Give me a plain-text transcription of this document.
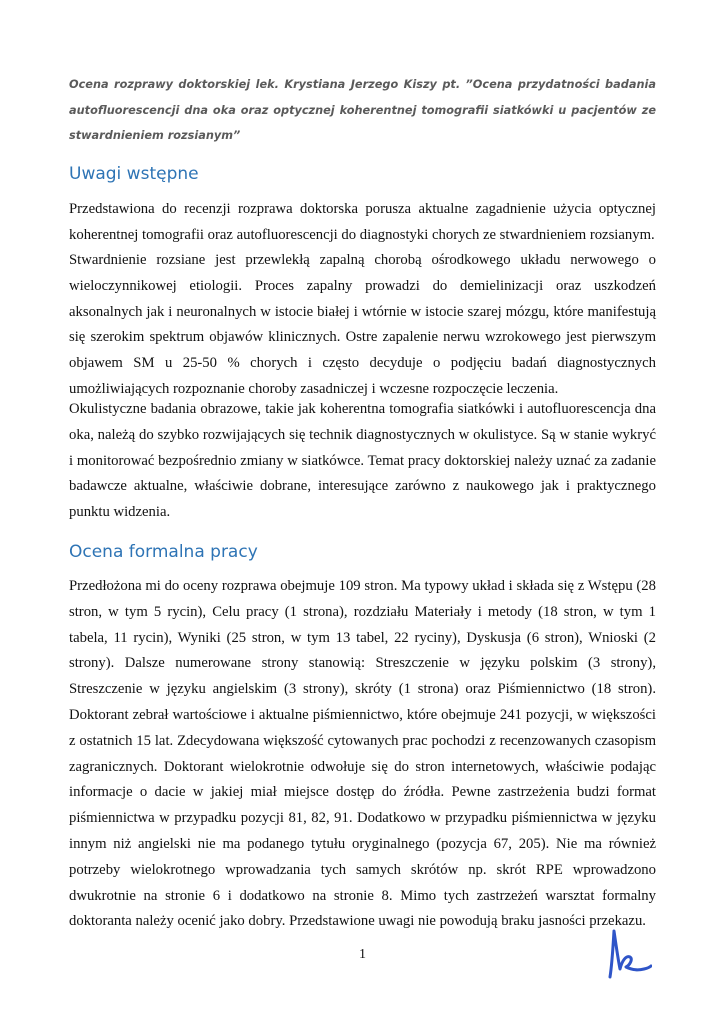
Ocena rozprawy doktorskiej lek. Krystiana Jerzego Kiszy pt. ”Ocena przydatności badania autofluorescencji dna oka oraz optycznej koherentnej tomografii siatkówki u pacjentów ze stwardnieniem rozsianym”
Uwagi wstępne

Przedstawiona do recenzji rozprawa doktorska porusza aktualne zagadnienie użycia optycznej koherentnej tomografii oraz autofluorescencji do diagnostyki chorych ze stwardnieniem rozsianym.

Stwardnienie rozsiane jest przewlekłą zapalną chorobą ośrodkowego układu nerwowego o wieloczynnikowej etiologii. Proces zapalny prowadzi do demielinizacji oraz uszkodzeń aksonalnych jak i neuronalnych w istocie białej i wtórnie w istocie szarej mózgu, które manifestują się szerokim spektrum objawów klinicznych. Ostre zapalenie nerwu wzrokowego jest pierwszym objawem SM u 25-50 % chorych i często decyduje o podjęciu badań diagnostycznych umożliwiających rozpoznanie choroby zasadniczej i wczesne rozpoczęcie leczenia.

Okulistyczne badania obrazowe, takie jak koherentna tomografia siatkówki i autofluorescencja dna oka, należą do szybko rozwijających się technik diagnostycznych w okulistyce. Są w stanie wykryć i monitorować bezpośrednio zmiany w siatkówce. Temat pracy doktorskiej należy uznać za zadanie badawcze aktualne, właściwie dobrane, interesujące zarówno z naukowego jak i praktycznego punktu widzenia.

Ocena formalna pracy

Przedłożona mi do oceny rozprawa obejmuje 109 stron. Ma typowy układ i składa się z Wstępu (28 stron, w tym 5 rycin), Celu pracy (1 strona), rozdziału Materiały i metody (18 stron, w tym 1 tabela, 11 rycin), Wyniki (25 stron, w tym 13 tabel, 22 ryciny), Dyskusja (6 stron), Wnioski (2 strony). Dalsze numerowane strony stanowią: Streszczenie w języku polskim (3 strony), Streszczenie w języku angielskim (3 strony), skróty (1 strona) oraz Piśmiennictwo (18 stron). Doktorant zebrał wartościowe i aktualne piśmiennictwo, które obejmuje 241 pozycji, w większości z ostatnich 15 lat. Zdecydowana większość cytowanych prac pochodzi z recenzowanych czasopism zagranicznych. Doktorant wielokrotnie odwołuje się do stron internetowych, właściwie podając informacje o dacie w jakiej miał miejsce dostęp do źródła. Pewne zastrzeżenia budzi format piśmiennictwa w przypadku pozycji 81, 82, 91. Dodatkowo w przypadku piśmiennictwa w języku innym niż angielski nie ma podanego tytułu oryginalnego (pozycja 67, 205). Nie ma również potrzeby wielokrotnego wprowadzania tych samych skrótów np. skrót RPE wprowadzono dwukrotnie na stronie 6 i dodatkowo na stronie 8. Mimo tych zastrzeżeń warsztat formalny doktoranta należy ocenić jako dobry. Przedstawione uwagi nie powodują braku jasności przekazu.

1
